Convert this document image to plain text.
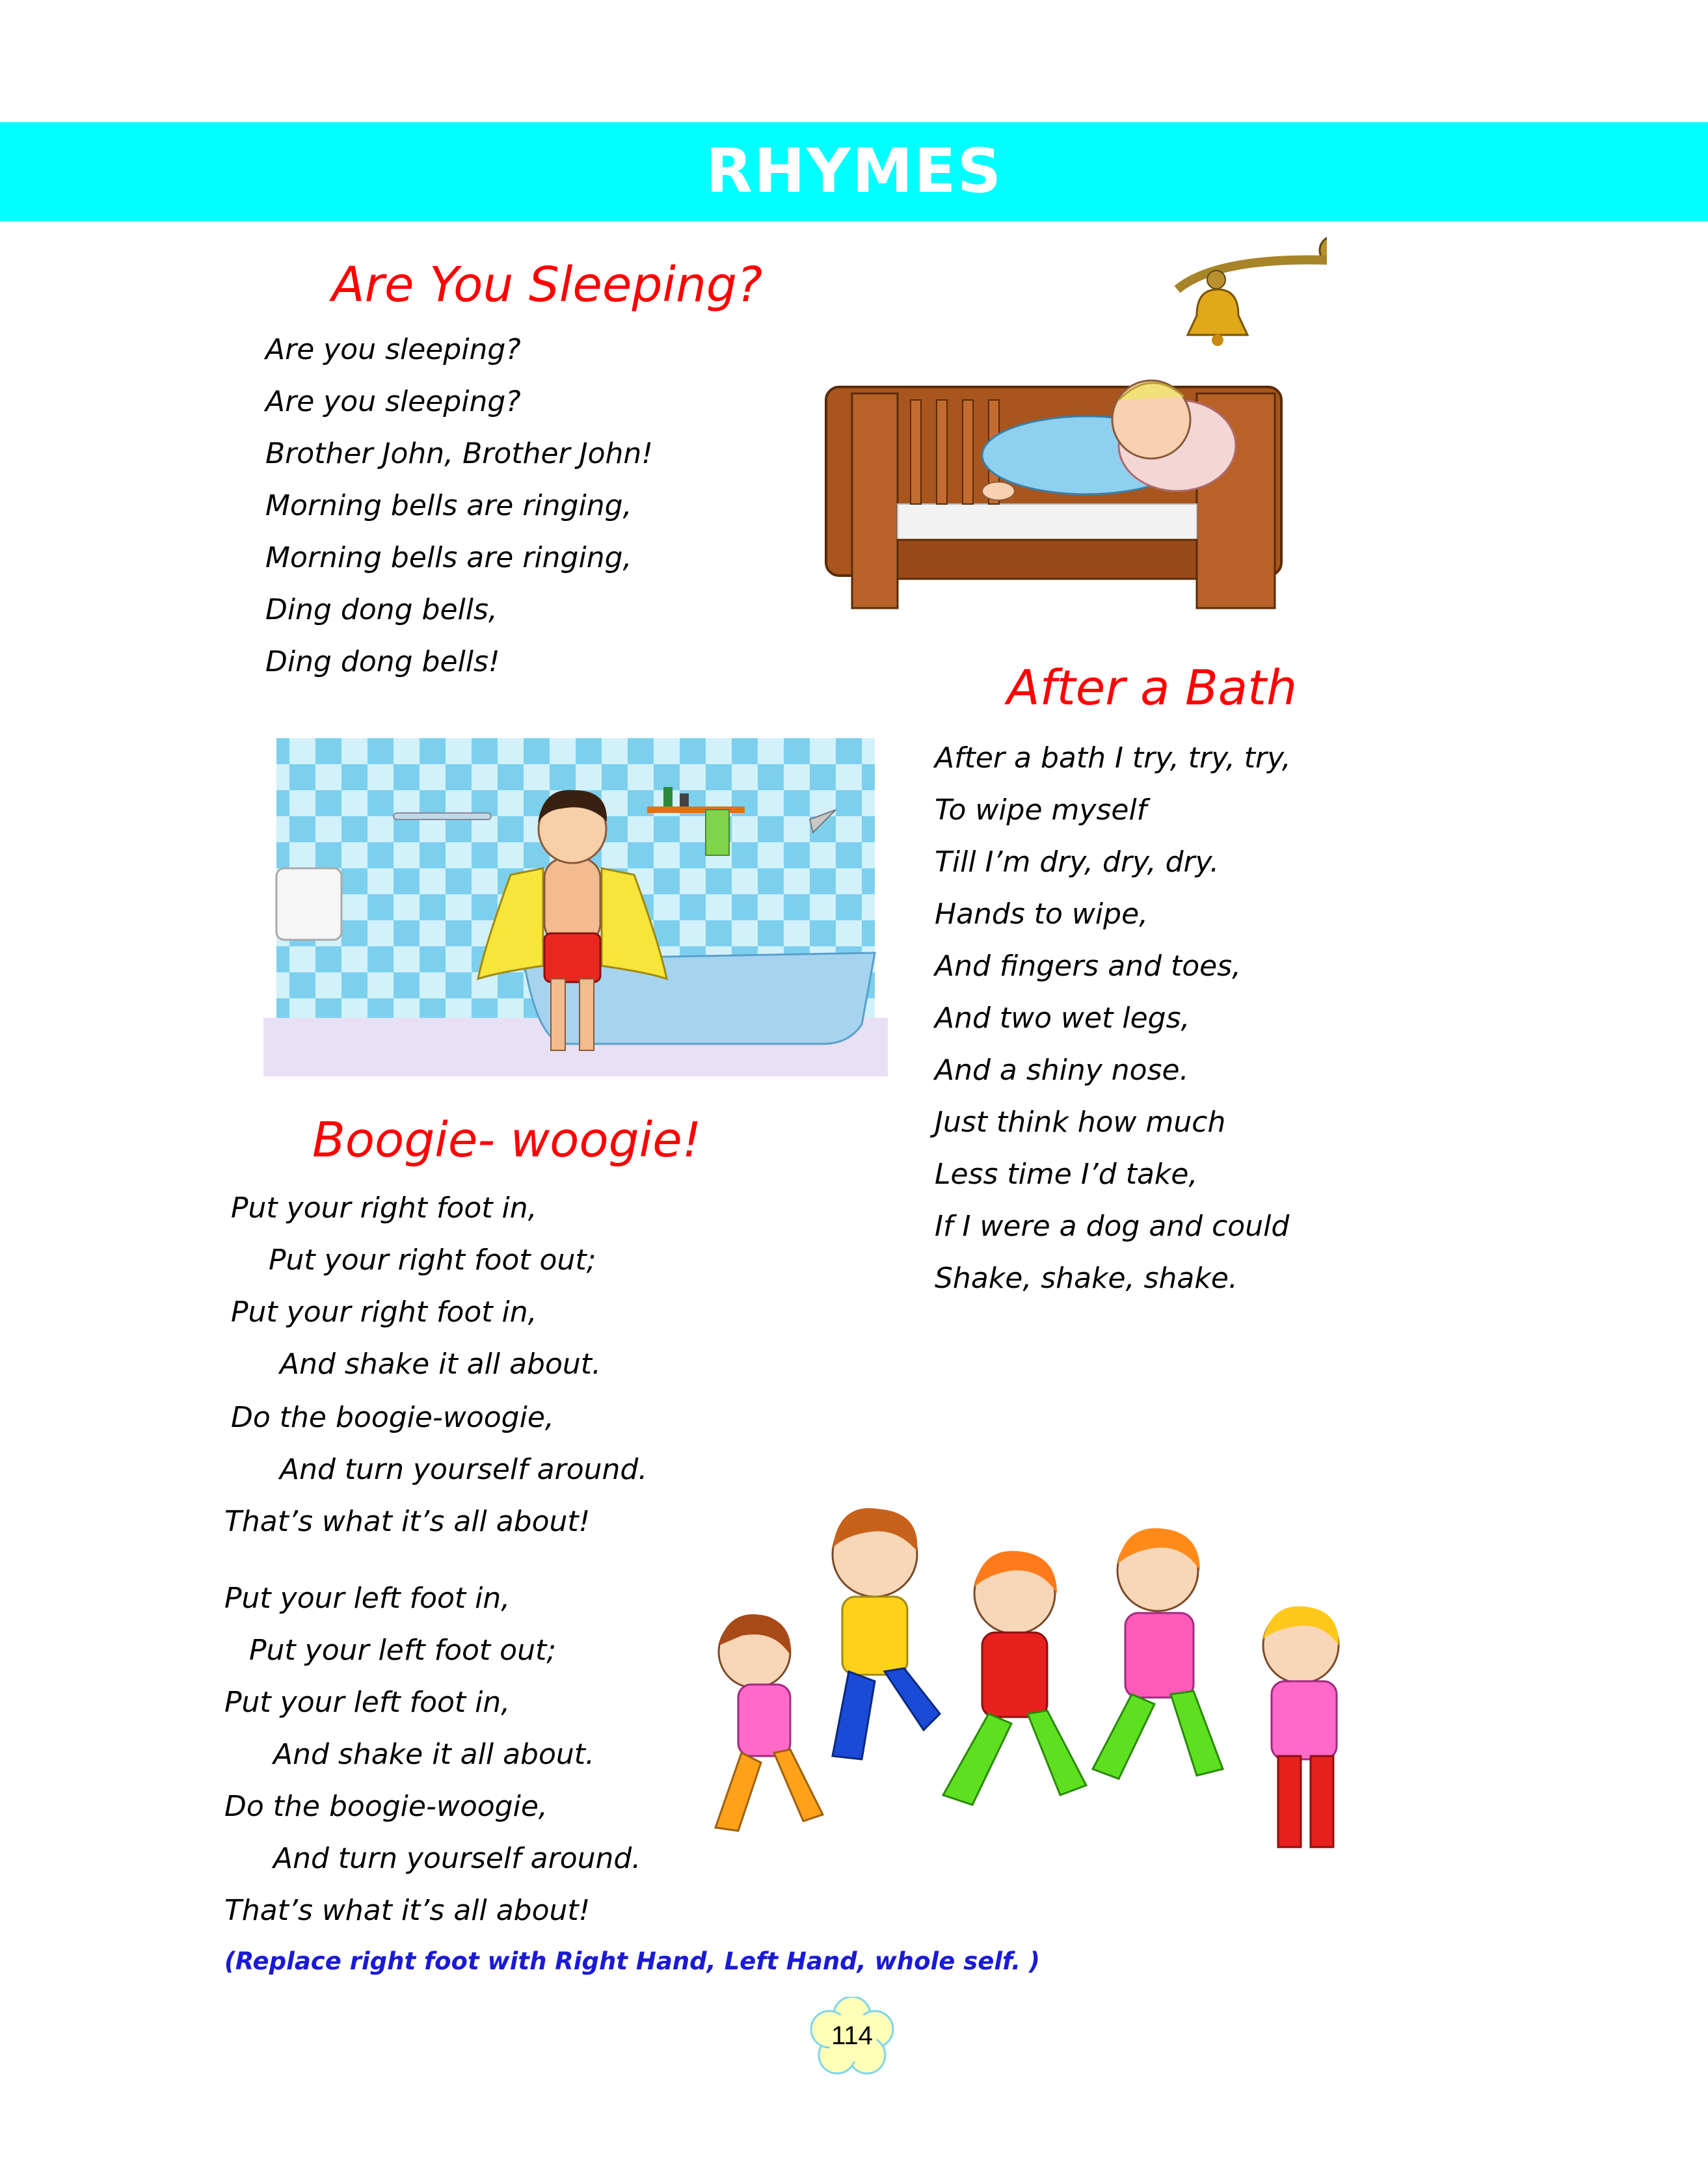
RHYMES
Are You Sleeping?
Are you sleeping?
Are you sleeping?
Brother John, Brother John!
Morning bells are ringing,
Morning bells are ringing,
Ding dong bells,
Ding dong bells!	After a Bath
After a bath I try, try, try,
To wipe myself
Till I’m dry, dry, dry.
Hands to wipe,
And fingers and toes,
And two wet legs,
And a shiny nose.
Just think how much
Less time I’d take,
If I were a dog and could
Shake, shake, shake.
Boogie- woogie!
Put your right foot in,
Put your right foot out;
Put your right foot in,
And shake it all about.
Do the boogie-woogie,
And turn yourself around.
That’s what it’s all about!
Put your left foot in,
Put your left foot out;
Put your left foot in,
And shake it all about.
Do the boogie-woogie,
And turn yourself around.
That’s what it’s all about!
(Replace right foot with Right Hand, Left Hand, whole self. )
114
